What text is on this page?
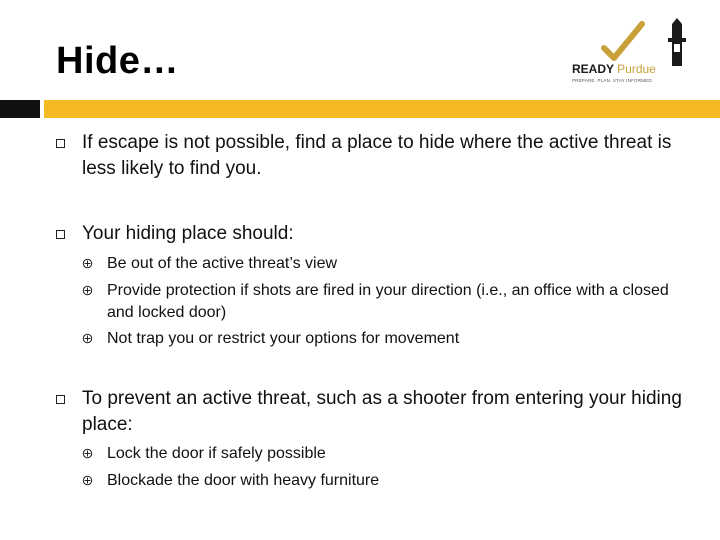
Hide…	READY Purdue
PREPARE. PLAN. STAY INFORMED.
If escape is not possible, find a place to hide where the active threat is less likely to find you.
Your hiding place should:
Be out of the active threat’s view
Provide protection if shots are fired in your direction (i.e., an office with a closed and locked door)
Not trap you or restrict your options for movement
To prevent an active threat, such as a shooter from entering your hiding place:
Lock the door if safely possible
Blockade the door with heavy furniture
